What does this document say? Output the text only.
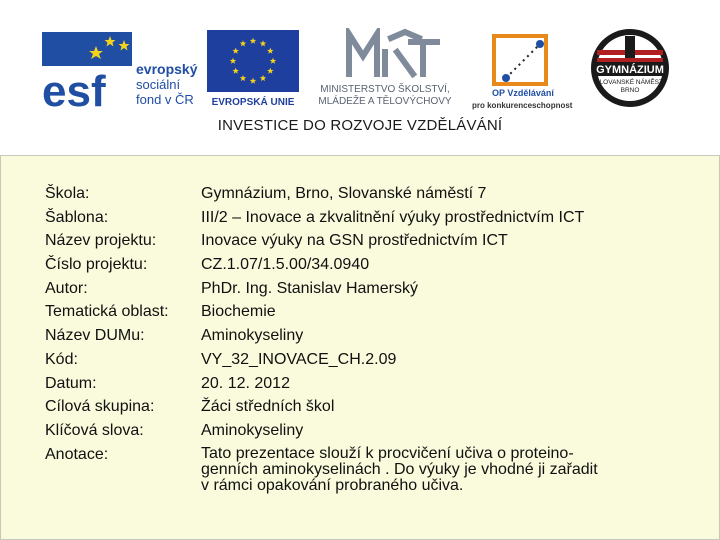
esf evropský
sociální
fond v ČR EVROPSKÁ UNIE
MINISTERSTVO ŠKOLSTVÍ,
MLÁDEŽE A TĚLOVÝCHOVY
OP Vzdělávání
pro konkurenceschopnost
GYMNÁZIUM
SLOVANSKÉ NÁMĚSTÍ
BRNO
INVESTICE DO ROZVOJE VZDĚLÁVÁNÍ
Škola:	Gymnázium, Brno, Slovanské náměstí 7
Šablona:	III/2 – Inovace a zkvalitnění výuky prostřednictvím ICT
Název projektu:	Inovace výuky na GSN prostřednictvím ICT
Číslo projektu:	CZ.1.07/1.5.00/34.0940
Autor:	PhDr. Ing. Stanislav Hamerský
Tematická oblast: Biochemie
Název DUMu:	Aminokyseliny
Kód:	VY_32_INOVACE_CH.2.09
Datum:	20. 12. 2012
Cílová skupina:	Žáci středních škol
Klíčová slova:	Aminokyseliny
Anotace:	Tato prezentace slouží k procvičení učiva o proteino-
genních aminokyselinách . Do výuky je vhodné ji zařadit
v rámci opakování probraného učiva.
